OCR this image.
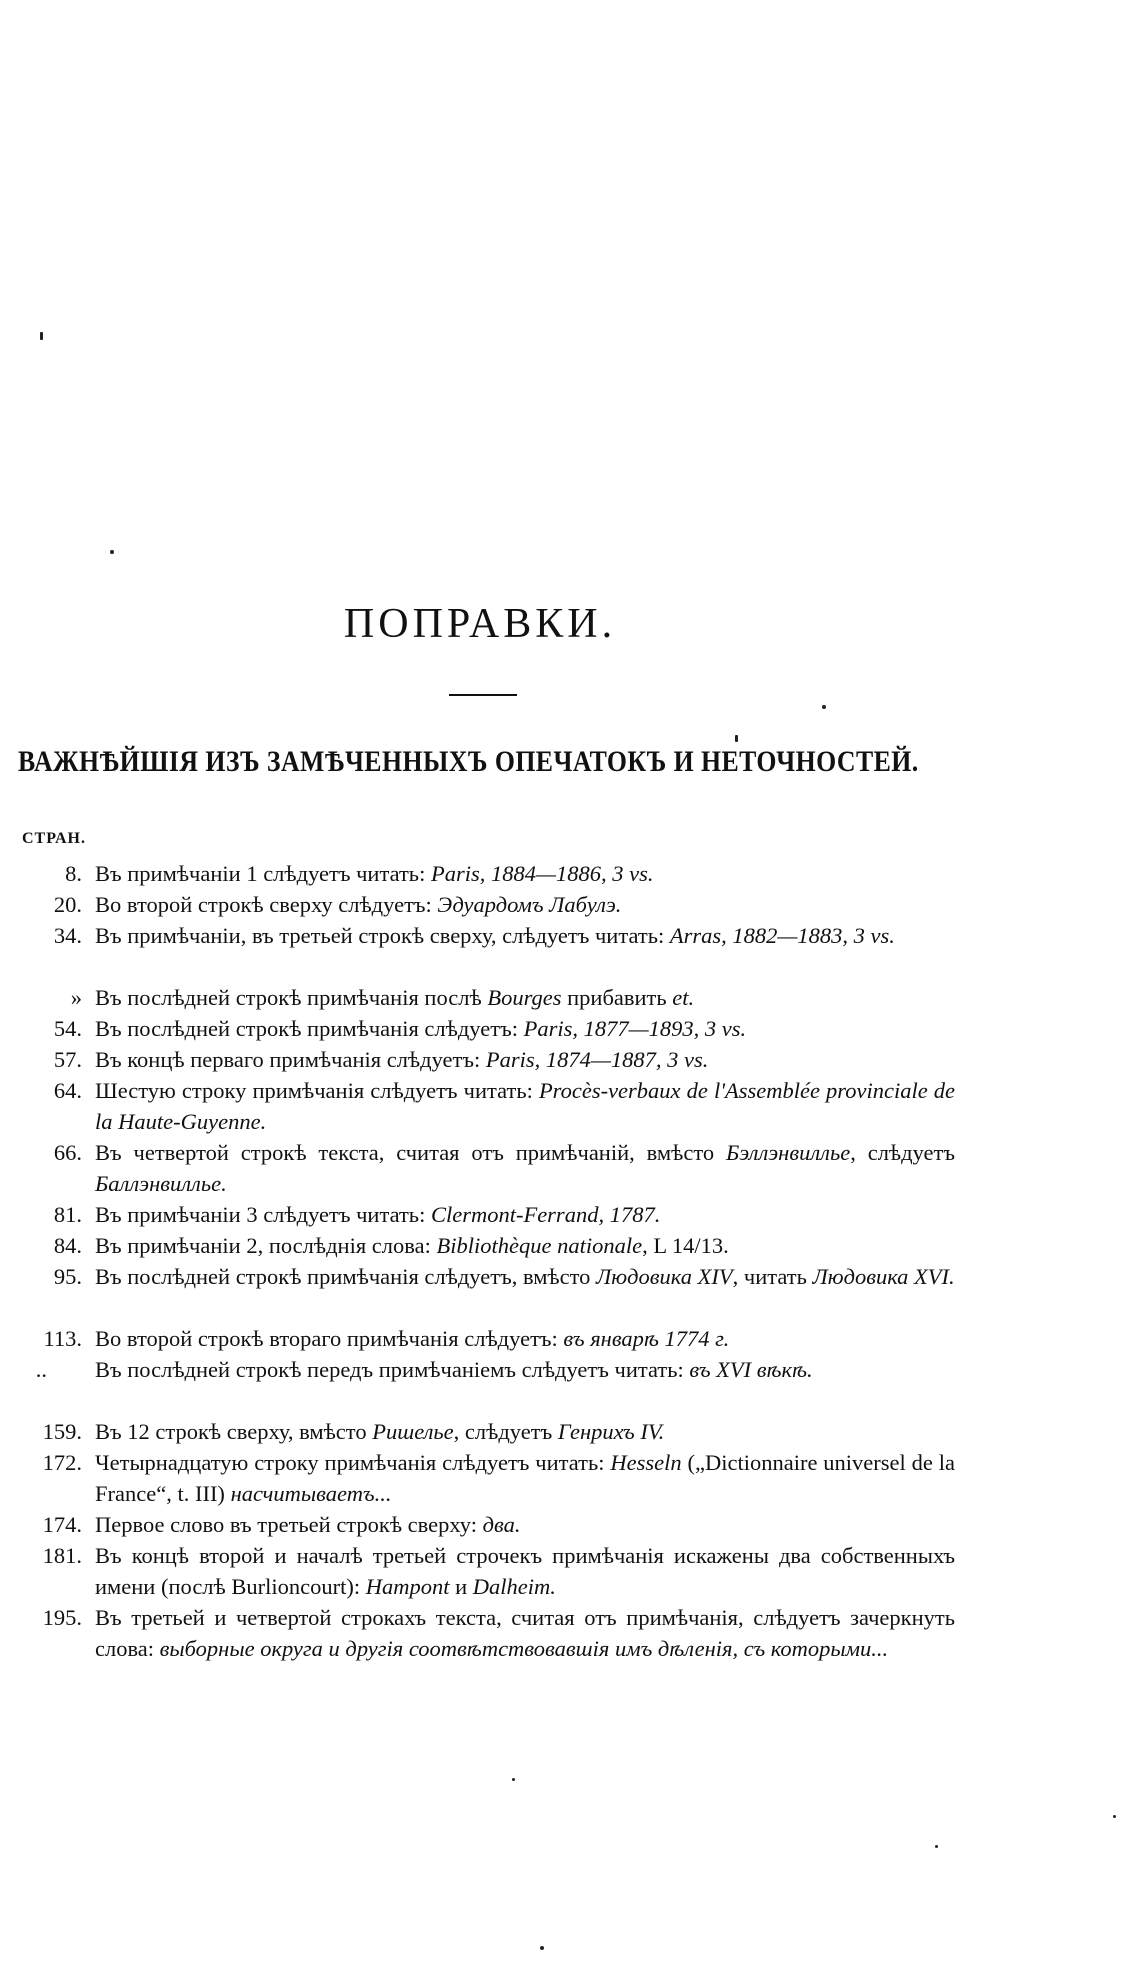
ПОПРАВКИ.
ВАЖНѢЙШІЯ ИЗЪ ЗАМѢЧЕННЫХЪ ОПЕЧАТОКЪ И НЕТОЧНОСТЕЙ.
СТРАН.
8. Въ примѣчаніи 1 слѣдуетъ читать: Paris, 1884—1886, 3 vs.
20. Во второй строкѣ сверху слѣдуетъ: Эдуардомъ Лабулэ.
34. Въ примѣчаніи, въ третьей строкѣ сверху, слѣдуетъ читать: Arras, 1882—1883, 3 vs.
» Въ послѣдней строкѣ примѣчанія послѣ Bourges прибавить et.
54. Въ послѣдней строкѣ примѣчанія слѣдуетъ: Paris, 1877—1893, 3 vs.
57. Въ концѣ перваго примѣчанія слѣдуетъ: Paris, 1874—1887, 3 vs.
64. Шестую строку примѣчанія слѣдуетъ читать: Procès-verbaux de l'Assemblée provinciale de la Haute-Guyenne.
66. Въ четвертой строкѣ текста, считая отъ примѣчаній, вмѣсто Бэллэнвилльe, слѣдуетъ Баллэнвиллье.
81. Въ примѣчаніи 3 слѣдуетъ читать: Clermont-Ferrand, 1787.
84. Въ примѣчаніи 2, послѣднія слова: Bibliothèque nationale, L 14/13.
95. Въ послѣдней строкѣ примѣчанія слѣдуетъ, вмѣсто Людовика XIV, читать Людовика XVI.
113. Во второй строкѣ втораго примѣчанія слѣдуетъ: въ январѣ 1774 г.
.. Въ послѣдней строкѣ передъ примѣчаніемъ слѣдуетъ читать: въ XVI вѣкѣ.
159. Въ 12 строкѣ сверху, вмѣсто Ришелье, слѣдуетъ Генрихъ IV.
172. Четырнадцатую строку примѣчанія слѣдуетъ читать: Hesseln („Dictionnaire universel de la France“, t. III) насчитываетъ...
174. Первое слово въ третьей строкѣ сверху: два.
181. Въ концѣ второй и началѣ третьей строчекъ примѣчанія искажены два собственныхъ имени (послѣ Burlioncourt): Hampont и Dalheim.
195. Въ третьей и четвертой строкахъ текста, считая отъ примѣчанія, слѣдуетъ зачеркнуть слова: выборные округа и другія соотвѣтствовавшія имъ дѣленія, съ которыми...
